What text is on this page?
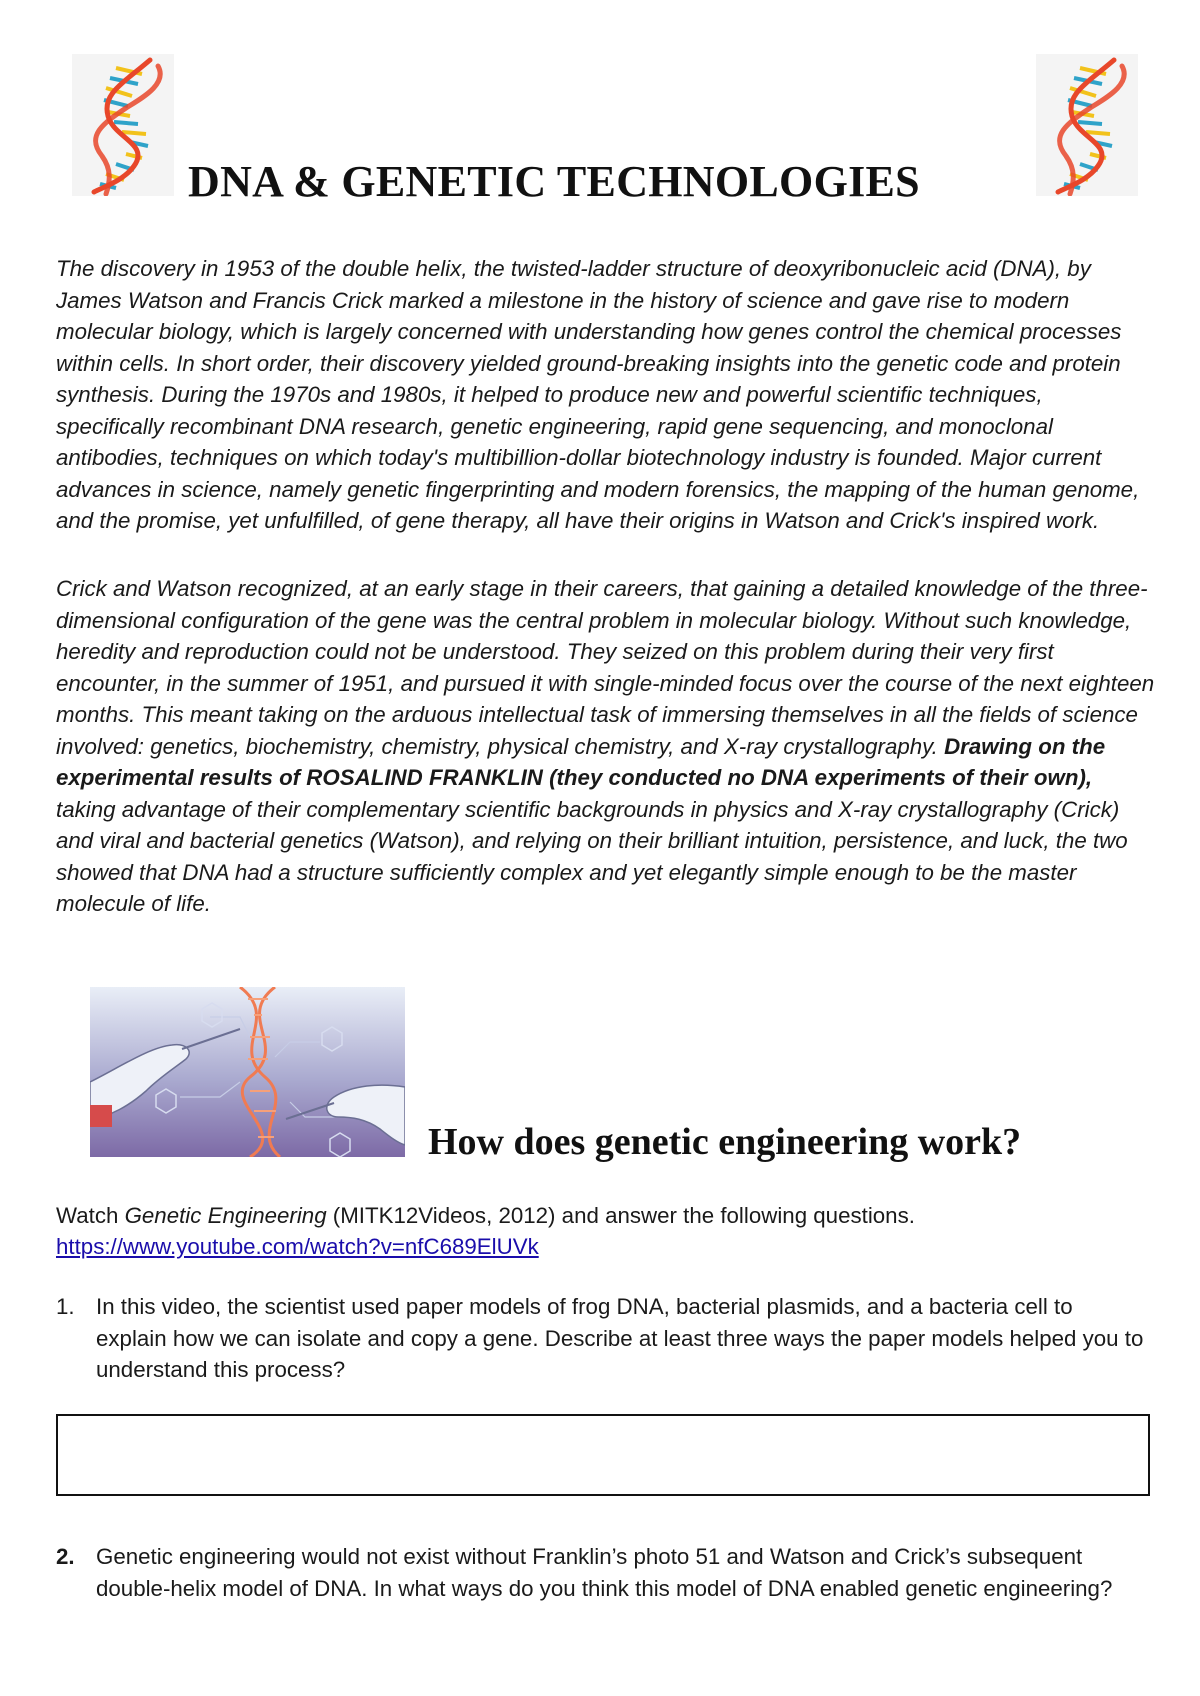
DNA & GENETIC TECHNOLOGIES

The discovery in 1953 of the double helix, the twisted-ladder structure of deoxyribonucleic acid (DNA), by James Watson and Francis Crick marked a milestone in the history of science and gave rise to modern molecular biology, which is largely concerned with understanding how genes control the chemical processes within cells. In short order, their discovery yielded ground-breaking insights into the genetic code and protein synthesis. During the 1970s and 1980s, it helped to produce new and powerful scientific techniques, specifically recombinant DNA research, genetic engineering, rapid gene sequencing, and monoclonal antibodies, techniques on which today's multibillion-dollar biotechnology industry is founded. Major current advances in science, namely genetic fingerprinting and modern forensics, the mapping of the human genome, and the promise, yet unfulfilled, of gene therapy, all have their origins in Watson and Crick's inspired work.

Crick and Watson recognized, at an early stage in their careers, that gaining a detailed knowledge of the three-dimensional configuration of the gene was the central problem in molecular biology. Without such knowledge, heredity and reproduction could not be understood. They seized on this problem during their very first encounter, in the summer of 1951, and pursued it with single-minded focus over the course of the next eighteen months. This meant taking on the arduous intellectual task of immersing themselves in all the fields of science involved: genetics, biochemistry, chemistry, physical chemistry, and X-ray crystallography. Drawing on the experimental results of ROSALIND FRANKLIN (they conducted no DNA experiments of their own), taking advantage of their complementary scientific backgrounds in physics and X-ray crystallography (Crick) and viral and bacterial genetics (Watson), and relying on their brilliant intuition, persistence, and luck, the two showed that DNA had a structure sufficiently complex and yet elegantly simple enough to be the master molecule of life.

How does genetic engineering work?
Watch Genetic Engineering (MITK12Videos, 2012) and answer the following questions.
https://www.youtube.com/watch?v=nfC689ElUVk
1. In this video, the scientist used paper models of frog DNA, bacterial plasmids, and a bacteria cell to explain how we can isolate and copy a gene. Describe at least three ways the paper models helped you to understand this process?
2. Genetic engineering would not exist without Franklin’s photo 51 and Watson and Crick’s subsequent double-helix model of DNA. In what ways do you think this model of DNA enabled genetic engineering?
